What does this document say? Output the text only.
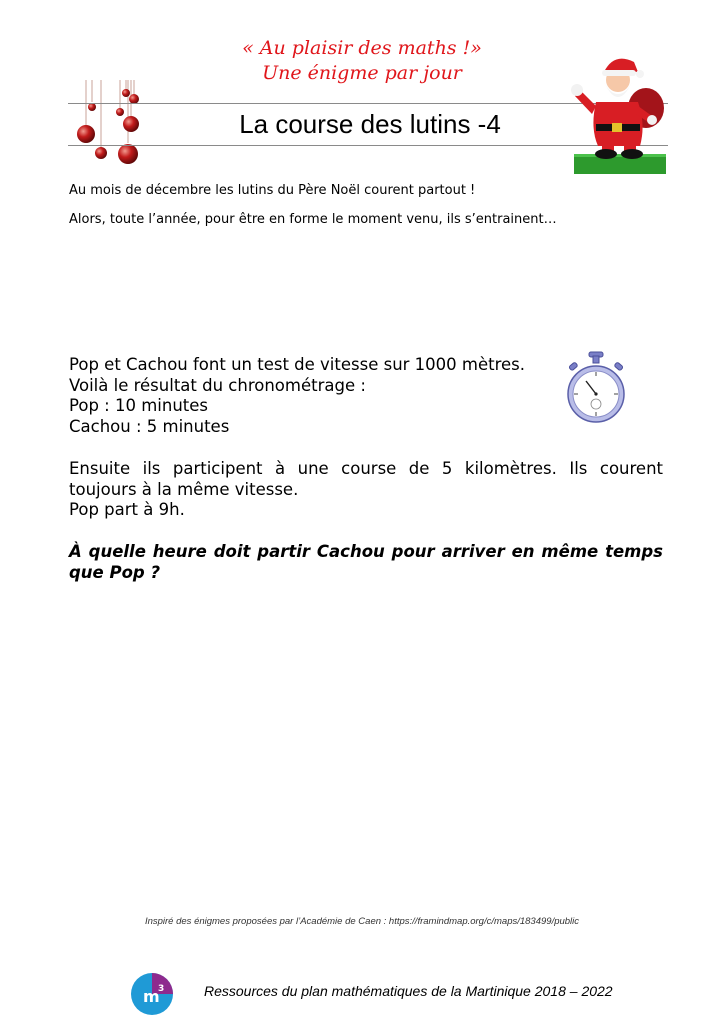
« Au plaisir des maths !»
Une énigme par jour
La course des lutins -4
Au mois de décembre les lutins du Père Noël courent partout !
Alors, toute l’année, pour être en forme le moment venu, ils s’entrainent…
Pop et Cachou font un test de vitesse sur 1000 mètres.
Voilà le résultat du chronométrage :
Pop : 10 minutes
Cachou : 5 minutes
Ensuite ils participent à une course de 5 kilomètres. Ils courent toujours à la même vitesse.
Pop part à 9h.
À quelle heure doit partir Cachou pour arriver en même temps que Pop ?
Inspiré des énigmes proposées par l’Académie de Caen : https://framindmap.org/c/maps/183499/public
m
3	Ressources du plan mathématiques de la Martinique 2018 – 2022
